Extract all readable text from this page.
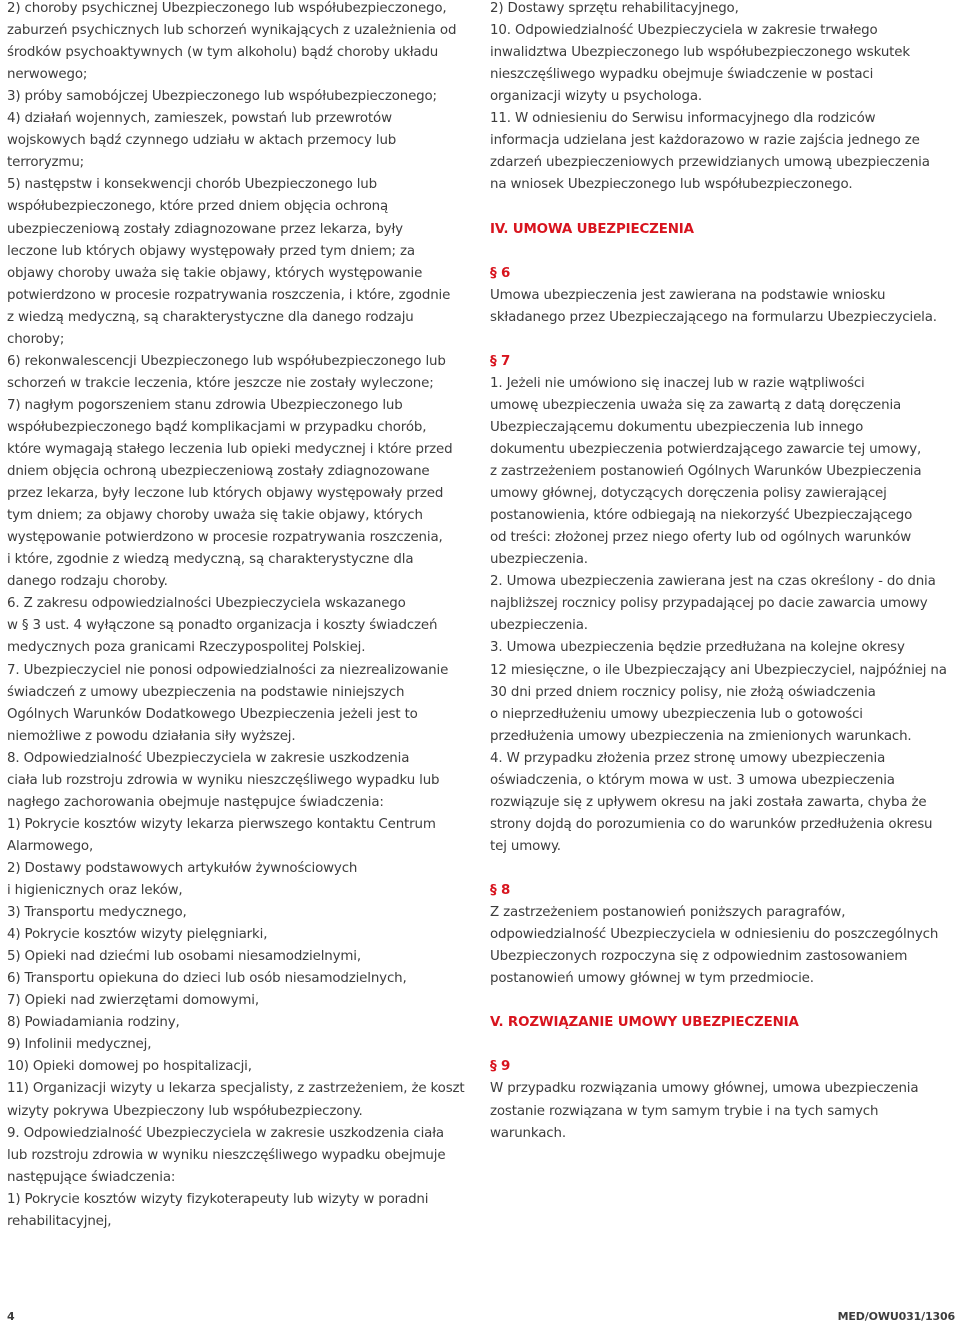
2) choroby psychicznej Ubezpieczonego lub współubezpieczonego,
zaburzeń psychicznych lub schorzeń wynikających z uzależnienia od
środków psychoaktywnych (w tym alkoholu) bądź choroby układu
nerwowego;
3) próby samobójczej Ubezpieczonego lub współubezpieczonego;
4) działań wojennych, zamieszek, powstań lub przewrotów
wojskowych bądź czynnego udziału w aktach przemocy lub
terroryzmu;
5) następstw i konsekwencji chorób Ubezpieczonego lub
współubezpieczonego, które przed dniem objęcia ochroną
ubezpieczeniową zostały zdiagnozowane przez lekarza, były
leczone lub których objawy występowały przed tym dniem; za
objawy choroby uważa się takie objawy, których występowanie
potwierdzono w procesie rozpatrywania roszczenia, i które, zgodnie
z wiedzą medyczną, są charakterystyczne dla danego rodzaju
choroby;
6) rekonwalescencji Ubezpieczonego lub współubezpieczonego lub
schorzeń w trakcie leczenia, które jeszcze nie zostały wyleczone;
7) nagłym pogorszeniem stanu zdrowia Ubezpieczonego lub
współubezpieczonego bądź komplikacjami w przypadku chorób,
które wymagają stałego leczenia lub opieki medycznej i które przed
dniem objęcia ochroną ubezpieczeniową zostały zdiagnozowane
przez lekarza, były leczone lub których objawy występowały przed
tym dniem; za objawy choroby uważa się takie objawy, których
występowanie potwierdzono w procesie rozpatrywania roszczenia,
i które, zgodnie z wiedzą medyczną, są charakterystyczne dla
danego rodzaju choroby.
6. Z zakresu odpowiedzialności Ubezpieczyciela wskazanego
w § 3 ust. 4 wyłączone są ponadto organizacja i koszty świadczeń
medycznych poza granicami Rzeczypospolitej Polskiej.
7. Ubezpieczyciel nie ponosi odpowiedzialności za niezrealizowanie
świadczeń z umowy ubezpieczenia na podstawie niniejszych
Ogólnych Warunków Dodatkowego Ubezpieczenia jeżeli jest to
niemożliwe z powodu działania siły wyższej.
8. Odpowiedzialność Ubezpieczyciela w zakresie uszkodzenia
ciała lub rozstroju zdrowia w wyniku nieszczęśliwego wypadku lub
nagłego zachorowania obejmuje następujce świadczenia:
1) Pokrycie kosztów wizyty lekarza pierwszego kontaktu Centrum
Alarmowego,
2) Dostawy podstawowych artykułów żywnościowych
i higienicznych oraz leków,
3) Transportu medycznego,
4) Pokrycie kosztów wizyty pielęgniarki,
5) Opieki nad dziećmi lub osobami niesamodzielnymi,
6) Transportu opiekuna do dzieci lub osób niesamodzielnych,
7) Opieki nad zwierzętami domowymi,
8) Powiadamiania rodziny,
9) Infolinii medycznej,
10) Opieki domowej po hospitalizacji,
11) Organizacji wizyty u lekarza specjalisty, z zastrzeżeniem, że koszt
wizyty pokrywa Ubezpieczony lub współubezpieczony.
9. Odpowiedzialność Ubezpieczyciela w zakresie uszkodzenia ciała
lub rozstroju zdrowia w wyniku nieszczęśliwego wypadku obejmuje
następujące świadczenia:
1) Pokrycie kosztów wizyty fizykoterapeuty lub wizyty w poradni
rehabilitacyjnej,
2) Dostawy sprzętu rehabilitacyjnego,
10. Odpowiedzialność Ubezpieczyciela w zakresie trwałego
inwalidztwa Ubezpieczonego lub współubezpieczonego wskutek
nieszczęśliwego wypadku obejmuje świadczenie w postaci
organizacji wizyty u psychologa.
11. W odniesieniu do Serwisu informacyjnego dla rodziców
informacja udzielana jest każdorazowo w razie zajścia jednego ze
zdarzeń ubezpieczeniowych przewidzianych umową ubezpieczenia
na wniosek Ubezpieczonego lub współubezpieczonego.
IV. UMOWA UBEZPIECZENIA
§ 6
Umowa ubezpieczenia jest zawierana na podstawie wniosku
składanego przez Ubezpieczającego na formularzu Ubezpieczyciela.
§ 7
1. Jeżeli nie umówiono się inaczej lub w razie wątpliwości
umowę ubezpieczenia uważa się za zawartą z datą doręczenia
Ubezpieczającemu dokumentu ubezpieczenia lub innego
dokumentu ubezpieczenia potwierdzającego zawarcie tej umowy,
z zastrzeżeniem postanowień Ogólnych Warunków Ubezpieczenia
umowy głównej, dotyczących doręczenia polisy zawierającej
postanowienia, które odbiegają na niekorzyść Ubezpieczającego
od treści: złożonej przez niego oferty lub od ogólnych warunków
ubezpieczenia.
2. Umowa ubezpieczenia zawierana jest na czas określony - do dnia
najbliższej rocznicy polisy przypadającej po dacie zawarcia umowy
ubezpieczenia.
3. Umowa ubezpieczenia będzie przedłużana na kolejne okresy
12 miesięczne, o ile Ubezpieczający ani Ubezpieczyciel, najpóźniej na
30 dni przed dniem rocznicy polisy, nie złożą oświadczenia
o nieprzedłużeniu umowy ubezpieczenia lub o gotowości
przedłużenia umowy ubezpieczenia na zmienionych warunkach.
4. W przypadku złożenia przez stronę umowy ubezpieczenia
oświadczenia, o którym mowa w ust. 3 umowa ubezpieczenia
rozwiązuje się z upływem okresu na jaki została zawarta, chyba że
strony dojdą do porozumienia co do warunków przedłużenia okresu
tej umowy.
§ 8
Z zastrzeżeniem postanowień poniższych paragrafów,
odpowiedzialność Ubezpieczyciela w odniesieniu do poszczególnych
Ubezpieczonych rozpoczyna się z odpowiednim zastosowaniem
postanowień umowy głównej w tym przedmiocie.
V. ROZWIĄZANIE UMOWY UBEZPIECZENIA
§ 9
W przypadku rozwiązania umowy głównej, umowa ubezpieczenia
zostanie rozwiązana w tym samym trybie i na tych samych
warunkach.
4	MED/OWU031/1306
